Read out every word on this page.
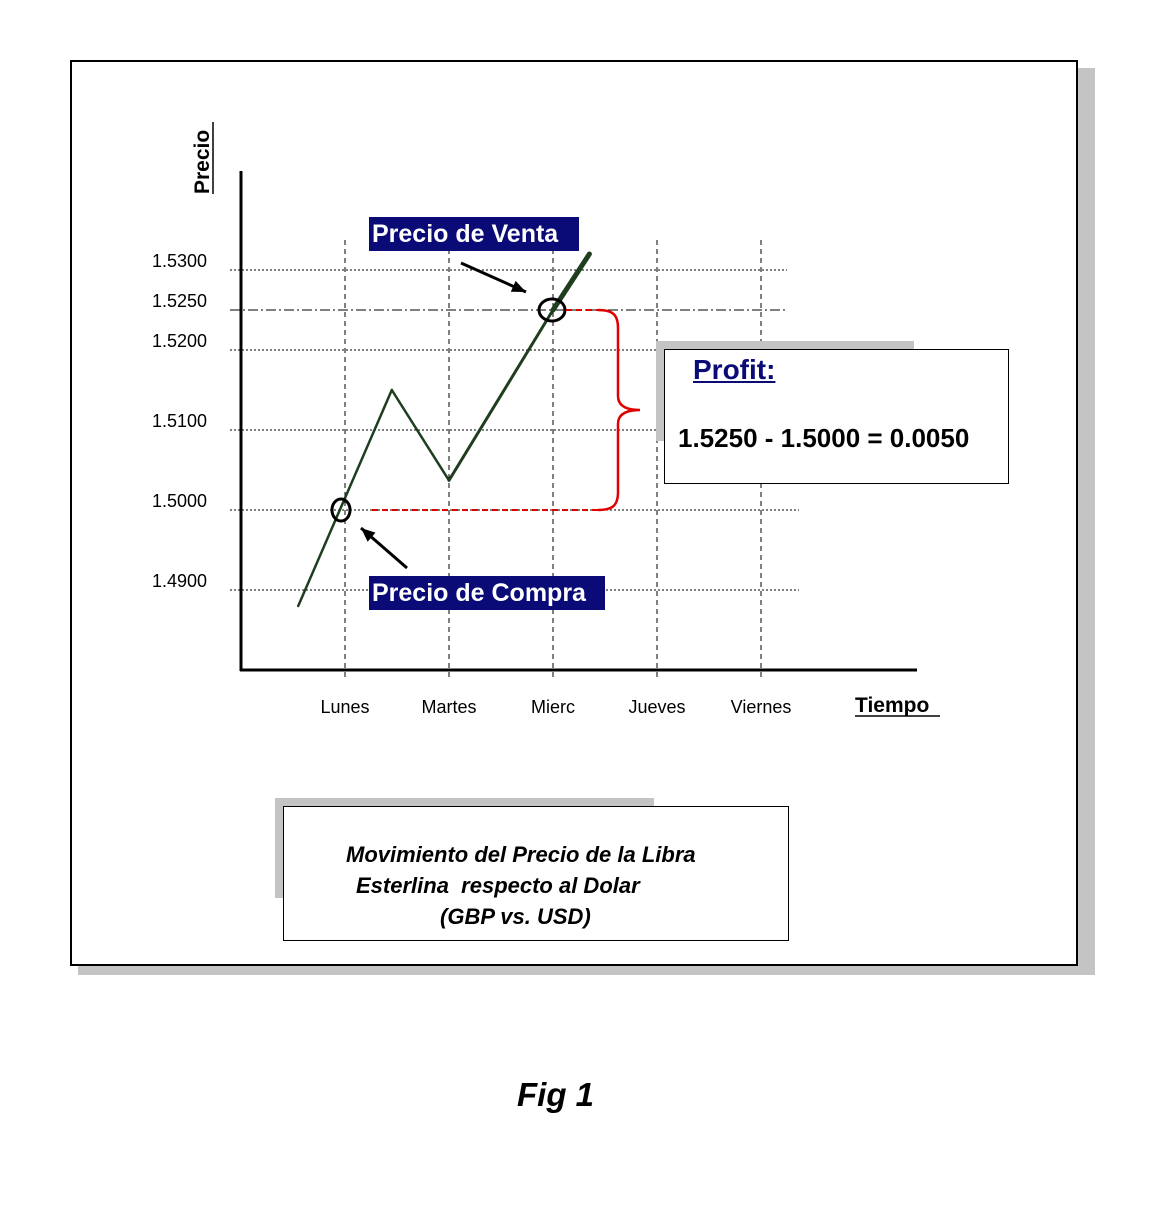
1.5300
1.5250
1.5200
1.5100
1.5000
1.4900
Lunes	Martes	Mierc	Jueves	Viernes
Precio
Tiempo
Precio de Venta
Precio de Compra
Profit:
1.5250 - 1.5000 = 0.0050
Movimiento del Precio de la Libra
Esterlina  respecto al Dolar
(GBP vs. USD)
Fig 1
